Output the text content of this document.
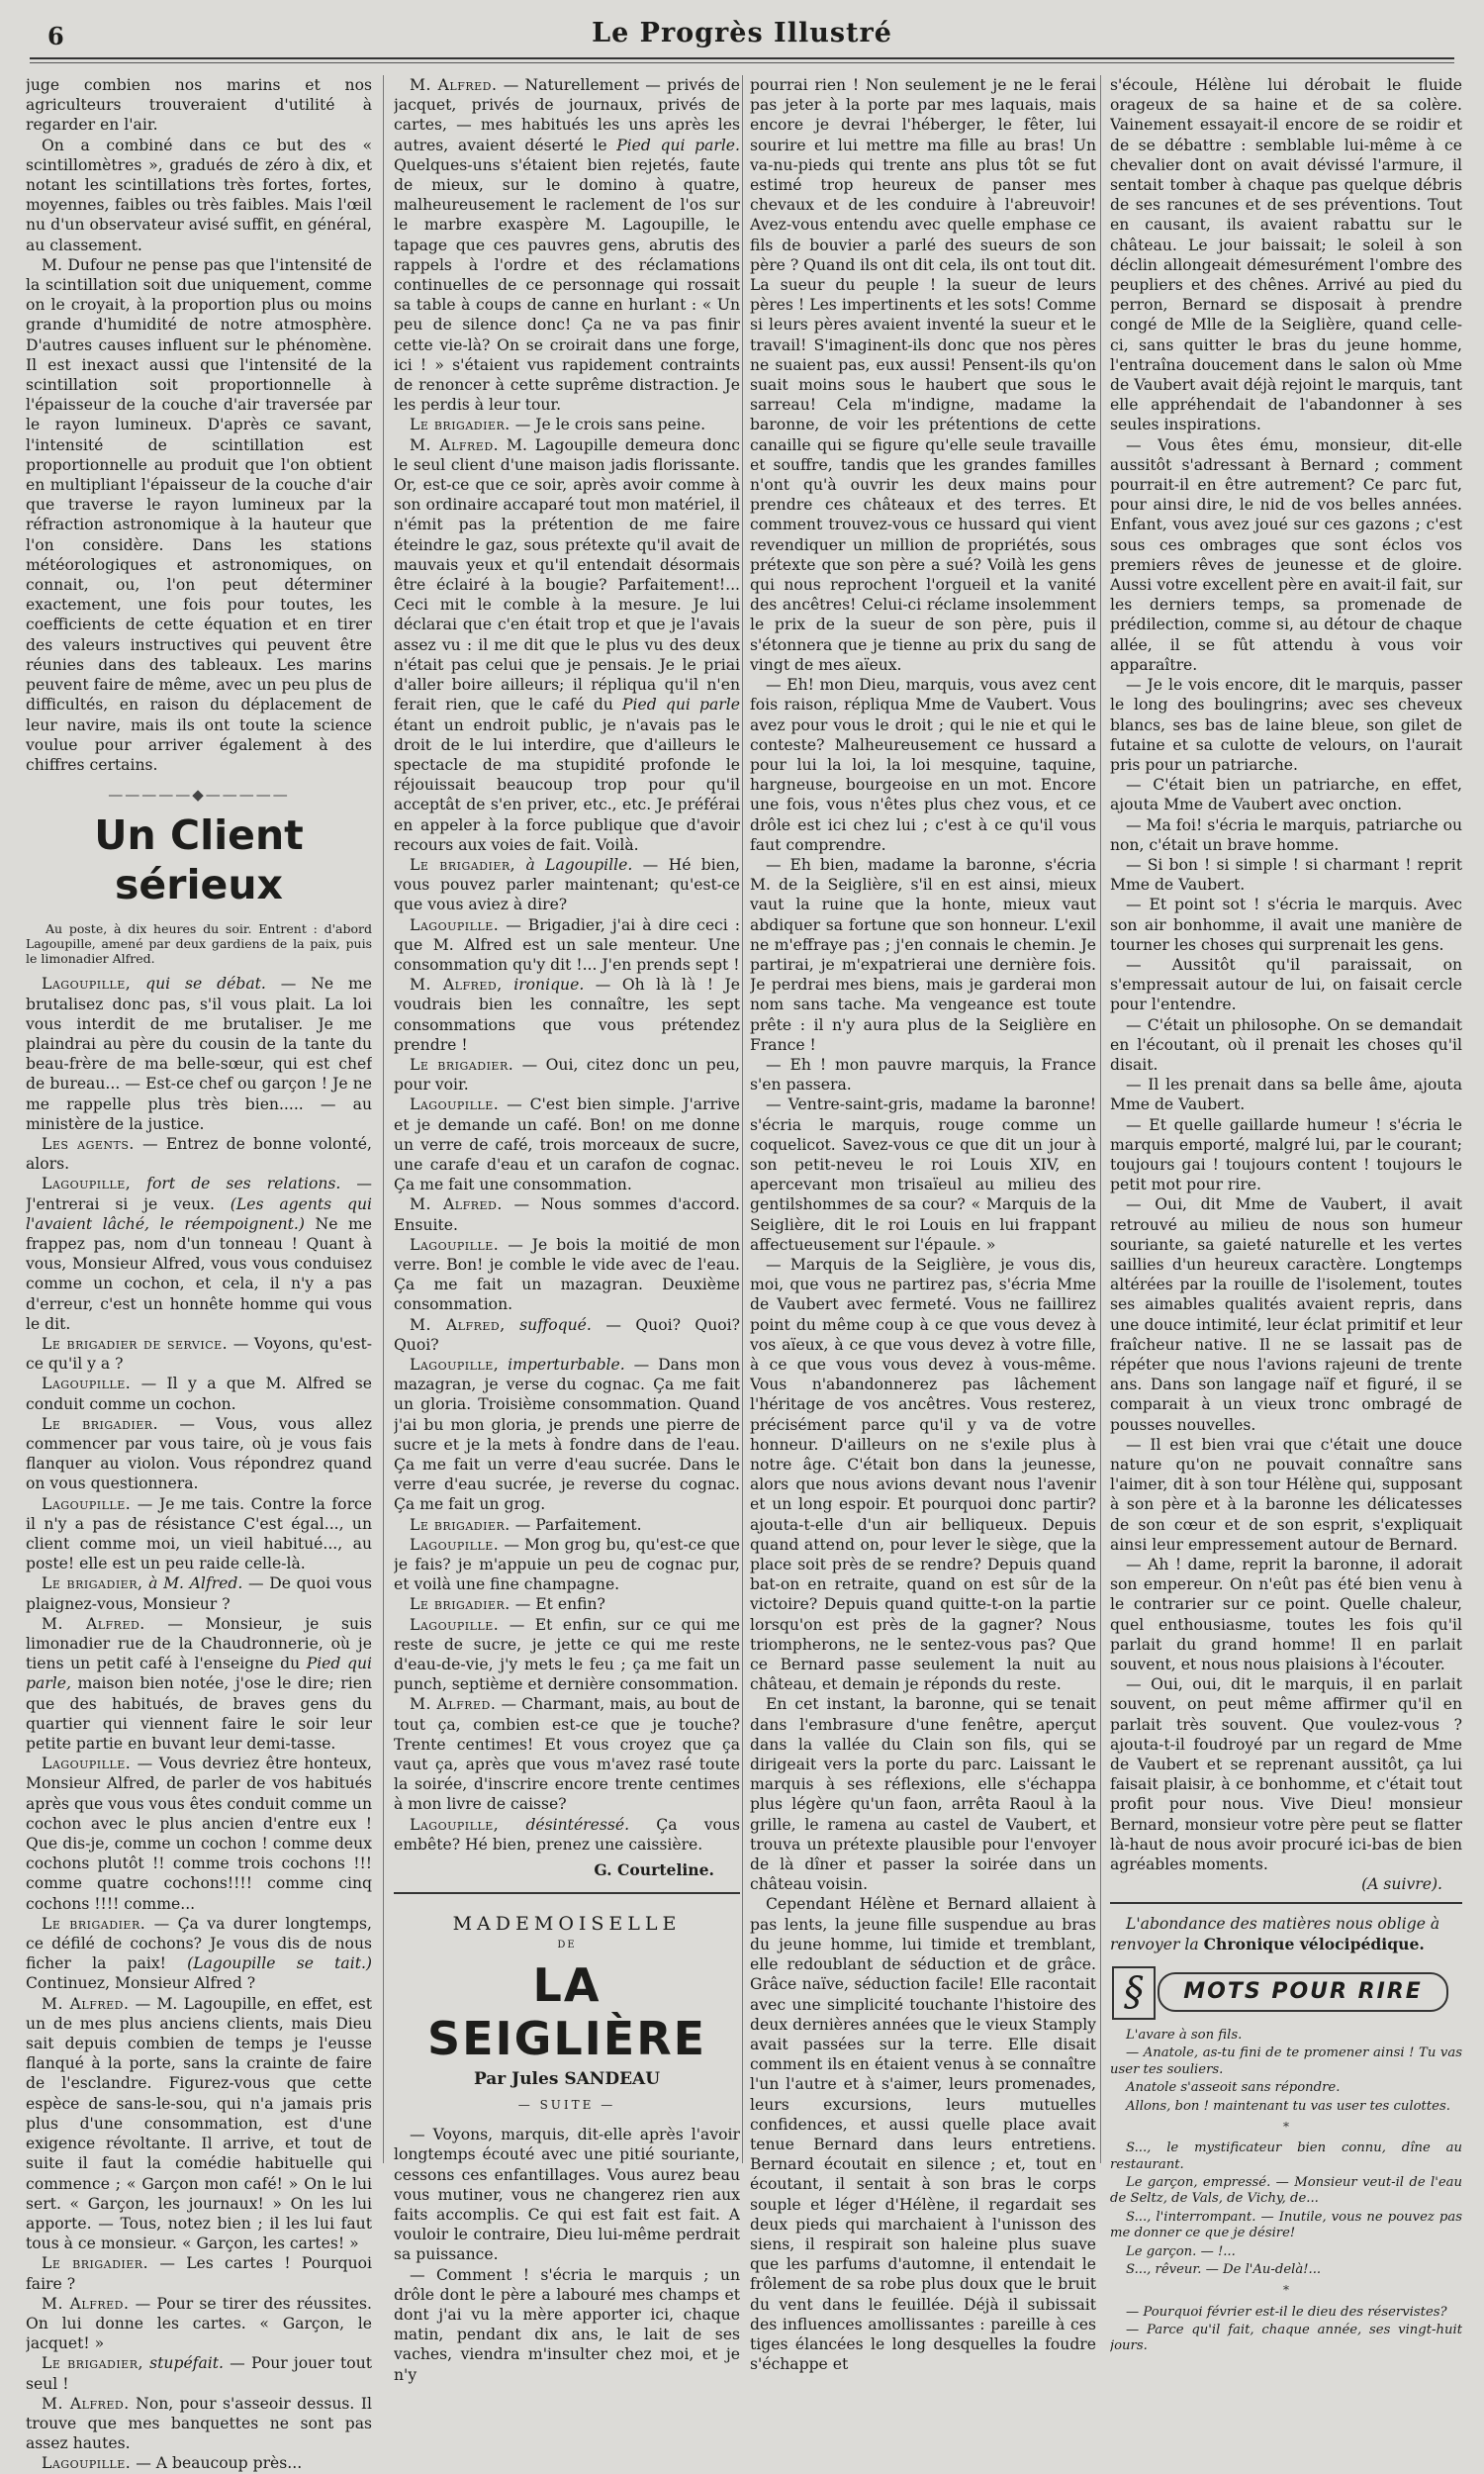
6	Le Progrès Illustré

juge combien nos marins et nos agriculteurs trouveraient d'utilité à regarder en l'air.

On a combiné dans ce but des « scintillomètres », gradués de zéro à dix, et notant les scintillations très fortes, fortes, moyennes, faibles ou très faibles. Mais l'œil nu d'un observateur avisé suffit, en général, au classement.

M. Dufour ne pense pas que l'intensité de la scintillation soit due uniquement, comme on le croyait, à la proportion plus ou moins grande d'humidité de notre atmosphère. D'autres causes influent sur le phénomène. Il est inexact aussi que l'intensité de la scintillation soit proportionnelle à l'épaisseur de la couche d'air traversée par le rayon lumineux. D'après ce savant, l'intensité de scintillation est proportionnelle au produit que l'on obtient en multipliant l'épaisseur de la couche d'air que traverse le rayon lumineux par la réfraction astronomique à la hauteur que l'on considère. Dans les stations météorologiques et astronomiques, on connait, ou, l'on peut déterminer exactement, une fois pour toutes, les coefficients de cette équation et en tirer des valeurs instructives qui peuvent être réunies dans des tableaux. Les marins peuvent faire de même, avec un peu plus de difficultés, en raison du déplacement de leur navire, mais ils ont toute la science voulue pour arriver également à des chiffres certains.

—————◆—————
Un Client sérieux

Au poste, à dix heures du soir. Entrent : d'abord Lagoupille, amené par deux gardiens de la paix, puis le limonadier Alfred.

Lagoupille, qui se débat. — Ne me brutalisez donc pas, s'il vous plait. La loi vous interdit de me brutaliser. Je me plaindrai au père du cousin de la tante du beau-frère de ma belle-sœur, qui est chef de bureau... — Est-ce chef ou garçon ! Je ne me rappelle plus très bien..... — au ministère de la justice.

Les agents. — Entrez de bonne volonté, alors.

Lagoupille, fort de ses relations. — J'entrerai si je veux. (Les agents qui l'avaient lâché, le réempoignent.) Ne me frappez pas, nom d'un tonneau ! Quant à vous, Monsieur Alfred, vous vous conduisez comme un cochon, et cela, il n'y a pas d'erreur, c'est un honnête homme qui vous le dit.

Le brigadier de service. — Voyons, qu'est-ce qu'il y a ?

Lagoupille. — Il y a que M. Alfred se conduit comme un cochon.

Le brigadier. — Vous, vous allez commencer par vous taire, où je vous fais flanquer au violon. Vous répondrez quand on vous questionnera.

Lagoupille. — Je me tais. Contre la force il n'y a pas de résistance C'est égal..., un client comme moi, un vieil habitué..., au poste! elle est un peu raide celle-là.

Le brigadier, à M. Alfred. — De quoi vous plaignez-vous, Monsieur ?

M. Alfred. — Monsieur, je suis limonadier rue de la Chaudronnerie, où je tiens un petit café à l'enseigne du Pied qui parle, maison bien notée, j'ose le dire; rien que des habitués, de braves gens du quartier qui viennent faire le soir leur petite partie en buvant leur demi-tasse.

Lagoupille. — Vous devriez être honteux, Monsieur Alfred, de parler de vos habitués après que vous vous êtes conduit comme un cochon avec le plus ancien d'entre eux ! Que dis-je, comme un cochon ! comme deux cochons plutôt !! comme trois cochons !!! comme quatre cochons!!!! comme cinq cochons !!!! comme...

Le brigadier. — Ça va durer longtemps, ce défilé de cochons? Je vous dis de nous ficher la paix! (Lagoupille se tait.) Continuez, Monsieur Alfred ?

M. Alfred. — M. Lagoupille, en effet, est un de mes plus anciens clients, mais Dieu sait depuis combien de temps je l'eusse flanqué à la porte, sans la crainte de faire de l'esclandre. Figurez-vous que cette espèce de sans-le-sou, qui n'a jamais pris plus d'une consommation, est d'une exigence révoltante. Il arrive, et tout de suite il faut la comédie habituelle qui commence ; « Garçon mon café! » On le lui sert. « Garçon, les journaux! » On les lui apporte. — Tous, notez bien ; il les lui faut tous à ce monsieur. « Garçon, les cartes! »

Le brigadier. — Les cartes ! Pourquoi faire ?

M. Alfred. — Pour se tirer des réussites. On lui donne les cartes. « Garçon, le jacquet! »

Le brigadier, stupéfait. — Pour jouer tout seul !

M. Alfred. Non, pour s'asseoir dessus. Il trouve que mes banquettes ne sont pas assez hautes.

Lagoupille. — A beaucoup près...

M. Alfred. — Naturellement — privés de jacquet, privés de journaux, privés de cartes, — mes habitués les uns après les autres, avaient déserté le Pied qui parle. Quelques-uns s'étaient bien rejetés, faute de mieux, sur le domino à quatre, malheureusement le raclement de l'os sur le marbre exaspère M. Lagoupille, le tapage que ces pauvres gens, abrutis des rappels à l'ordre et des réclamations continuelles de ce personnage qui rossait sa table à coups de canne en hurlant : « Un peu de silence donc! Ça ne va pas finir cette vie-là? On se croirait dans une forge, ici ! » s'étaient vus rapidement contraints de renoncer à cette suprême distraction. Je les perdis à leur tour.

Le brigadier. — Je le crois sans peine.

M. Alfred. M. Lagoupille demeura donc le seul client d'une maison jadis florissante. Or, est-ce que ce soir, après avoir comme à son ordinaire accaparé tout mon matériel, il n'émit pas la prétention de me faire éteindre le gaz, sous prétexte qu'il avait de mauvais yeux et qu'il entendait désormais être éclairé à la bougie? Parfaitement!... Ceci mit le comble à la mesure. Je lui déclarai que c'en était trop et que je l'avais assez vu : il me dit que le plus vu des deux n'était pas celui que je pensais. Je le priai d'aller boire ailleurs; il répliqua qu'il n'en ferait rien, que le café du Pied qui parle étant un endroit public, je n'avais pas le droit de le lui interdire, que d'ailleurs le spectacle de ma stupidité profonde le réjouissait beaucoup trop pour qu'il acceptât de s'en priver, etc., etc. Je préférai en appeler à la force publique que d'avoir recours aux voies de fait. Voilà.

Le brigadier, à Lagoupille. — Hé bien, vous pouvez parler maintenant; qu'est-ce que vous aviez à dire?

Lagoupille. — Brigadier, j'ai à dire ceci : que M. Alfred est un sale menteur. Une consommation qu'y dit !... J'en prends sept !

M. Alfred, ironique. — Oh là là ! Je voudrais bien les connaître, les sept consommations que vous prétendez prendre !

Le brigadier. — Oui, citez donc un peu, pour voir.

Lagoupille. — C'est bien simple. J'arrive et je demande un café. Bon! on me donne un verre de café, trois morceaux de sucre, une carafe d'eau et un carafon de cognac. Ça me fait une consommation.

M. Alfred. — Nous sommes d'accord. Ensuite.

Lagoupille. — Je bois la moitié de mon verre. Bon! je comble le vide avec de l'eau. Ça me fait un mazagran. Deuxième consommation.

M. Alfred, suffoqué. — Quoi? Quoi? Quoi?

Lagoupille, imperturbable. — Dans mon mazagran, je verse du cognac. Ça me fait un gloria. Troisième consommation. Quand j'ai bu mon gloria, je prends une pierre de sucre et je la mets à fondre dans de l'eau. Ça me fait un verre d'eau sucrée. Dans le verre d'eau sucrée, je reverse du cognac. Ça me fait un grog.

Le brigadier. — Parfaitement.

Lagoupille. — Mon grog bu, qu'est-ce que je fais? je m'appuie un peu de cognac pur, et voilà une fine champagne.

Le brigadier. — Et enfin?

Lagoupille. — Et enfin, sur ce qui me reste de sucre, je jette ce qui me reste d'eau-de-vie, j'y mets le feu ; ça me fait un punch, septième et dernière consommation.

M. Alfred. — Charmant, mais, au bout de tout ça, combien est-ce que je touche? Trente centimes! Et vous croyez que ça vaut ça, après que vous m'avez rasé toute la soirée, d'inscrire encore trente centimes à mon livre de caisse?

Lagoupille, désintéressé. Ça vous embête? Hé bien, prenez une caissière.

G. Courteline.
MADEMOISELLE
DE
LA SEIGLIÈRE
Par Jules SANDEAU
— SUITE —

— Voyons, marquis, dit-elle après l'avoir longtemps écouté avec une pitié souriante, cessons ces enfantillages. Vous aurez beau vous mutiner, vous ne changerez rien aux faits accomplis. Ce qui est fait est fait. A vouloir le contraire, Dieu lui-même perdrait sa puissance.

— Comment ! s'écria le marquis ; un drôle dont le père a labouré mes champs et dont j'ai vu la mère apporter ici, chaque matin, pendant dix ans, le lait de ses vaches, viendra m'insulter chez moi, et je n'y

pourrai rien ! Non seulement je ne le ferai pas jeter à la porte par mes laquais, mais encore je devrai l'héberger, le fêter, lui sourire et lui mettre ma fille au bras! Un va-nu-pieds qui trente ans plus tôt se fut estimé trop heureux de panser mes chevaux et de les conduire à l'abreuvoir! Avez-vous entendu avec quelle emphase ce fils de bouvier a parlé des sueurs de son père ? Quand ils ont dit cela, ils ont tout dit. La sueur du peuple ! la sueur de leurs pères ! Les impertinents et les sots! Comme si leurs pères avaient inventé la sueur et le travail! S'imaginent-ils donc que nos pères ne suaient pas, eux aussi! Pensent-ils qu'on suait moins sous le haubert que sous le sarreau! Cela m'indigne, madame la baronne, de voir les prétentions de cette canaille qui se figure qu'elle seule travaille et souffre, tandis que les grandes familles n'ont qu'à ouvrir les deux mains pour prendre ces châteaux et des terres. Et comment trouvez-vous ce hussard qui vient revendiquer un million de propriétés, sous prétexte que son père a sué? Voilà les gens qui nous reprochent l'orgueil et la vanité des ancêtres! Celui-ci réclame insolemment le prix de la sueur de son père, puis il s'étonnera que je tienne au prix du sang de vingt de mes aïeux.

— Eh! mon Dieu, marquis, vous avez cent fois raison, répliqua Mme de Vaubert. Vous avez pour vous le droit ; qui le nie et qui le conteste? Malheureusement ce hussard a pour lui la loi, la loi mesquine, taquine, hargneuse, bourgeoise en un mot. Encore une fois, vous n'êtes plus chez vous, et ce drôle est ici chez lui ; c'est à ce qu'il vous faut comprendre.

— Eh bien, madame la baronne, s'écria M. de la Seiglière, s'il en est ainsi, mieux vaut la ruine que la honte, mieux vaut abdiquer sa fortune que son honneur. L'exil ne m'effraye pas ; j'en connais le chemin. Je partirai, je m'expatrierai une dernière fois. Je perdrai mes biens, mais je garderai mon nom sans tache. Ma vengeance est toute prête : il n'y aura plus de la Seiglière en France !

— Eh ! mon pauvre marquis, la France s'en passera.

— Ventre-saint-gris, madame la baronne! s'écria le marquis, rouge comme un coquelicot. Savez-vous ce que dit un jour à son petit-neveu le roi Louis XIV, en apercevant mon trisaïeul au milieu des gentilshommes de sa cour? « Marquis de la Seiglière, dit le roi Louis en lui frappant affectueusement sur l'épaule. »

— Marquis de la Seiglière, je vous dis, moi, que vous ne partirez pas, s'écria Mme de Vaubert avec fermeté. Vous ne faillirez point du même coup à ce que vous devez à vos aïeux, à ce que vous devez à votre fille, à ce que vous vous devez à vous-même. Vous n'abandonnerez pas lâchement l'héritage de vos ancêtres. Vous resterez, précisément parce qu'il y va de votre honneur. D'ailleurs on ne s'exile plus à notre âge. C'était bon dans la jeunesse, alors que nous avions devant nous l'avenir et un long espoir. Et pourquoi donc partir? ajouta-t-elle d'un air belliqueux. Depuis quand attend on, pour lever le siège, que la place soit près de se rendre? Depuis quand bat-on en retraite, quand on est sûr de la victoire? Depuis quand quitte-t-on la partie lorsqu'on est près de la gagner? Nous triompherons, ne le sentez-vous pas? Que ce Bernard passe seulement la nuit au château, et demain je réponds du reste.

En cet instant, la baronne, qui se tenait dans l'embrasure d'une fenêtre, aperçut dans la vallée du Clain son fils, qui se dirigeait vers la porte du parc. Laissant le marquis à ses réflexions, elle s'échappa plus légère qu'un faon, arrêta Raoul à la grille, le ramena au castel de Vaubert, et trouva un prétexte plausible pour l'envoyer de là dîner et passer la soirée dans un château voisin.

Cependant Hélène et Bernard allaient à pas lents, la jeune fille suspendue au bras du jeune homme, lui timide et tremblant, elle redoublant de séduction et de grâce. Grâce naïve, séduction facile! Elle racontait avec une simplicité touchante l'histoire des deux dernières années que le vieux Stamply avait passées sur la terre. Elle disait comment ils en étaient venus à se connaître l'un l'autre et à s'aimer, leurs promenades, leurs excursions, leurs mutuelles confidences, et aussi quelle place avait tenue Bernard dans leurs entretiens. Bernard écoutait en silence ; et, tout en écoutant, il sentait à son bras le corps souple et léger d'Hélène, il regardait ses deux pieds qui marchaient à l'unisson des siens, il respirait son haleine plus suave que les parfums d'automne, il entendait le frôlement de sa robe plus doux que le bruit du vent dans le feuillée. Déjà il subissait des influences amollissantes : pareille à ces tiges élancées le long desquelles la foudre s'échappe et

s'écoule, Hélène lui dérobait le fluide orageux de sa haine et de sa colère. Vainement essayait-il encore de se roidir et de se débattre : semblable lui-même à ce chevalier dont on avait dévissé l'armure, il sentait tomber à chaque pas quelque débris de ses rancunes et de ses préventions. Tout en causant, ils avaient rabattu sur le château. Le jour baissait; le soleil à son déclin allongeait démesurément l'ombre des peupliers et des chênes. Arrivé au pied du perron, Bernard se disposait à prendre congé de Mlle de la Seiglière, quand celle-ci, sans quitter le bras du jeune homme, l'entraîna doucement dans le salon où Mme de Vaubert avait déjà rejoint le marquis, tant elle appréhendait de l'abandonner à ses seules inspirations.

— Vous êtes ému, monsieur, dit-elle aussitôt s'adressant à Bernard ; comment pourrait-il en être autrement? Ce parc fut, pour ainsi dire, le nid de vos belles années. Enfant, vous avez joué sur ces gazons ; c'est sous ces ombrages que sont éclos vos premiers rêves de jeunesse et de gloire. Aussi votre excellent père en avait-il fait, sur les derniers temps, sa promenade de prédilection, comme si, au détour de chaque allée, il se fût attendu à vous voir apparaître.

— Je le vois encore, dit le marquis, passer le long des boulingrins; avec ses cheveux blancs, ses bas de laine bleue, son gilet de futaine et sa culotte de velours, on l'aurait pris pour un patriarche.

— C'était bien un patriarche, en effet, ajouta Mme de Vaubert avec onction.

— Ma foi! s'écria le marquis, patriarche ou non, c'était un brave homme.

— Si bon ! si simple ! si charmant ! reprit Mme de Vaubert.

— Et point sot ! s'écria le marquis. Avec son air bonhomme, il avait une manière de tourner les choses qui surprenait les gens.

— Aussitôt qu'il paraissait, on s'empressait autour de lui, on faisait cercle pour l'entendre.

— C'était un philosophe. On se demandait en l'écoutant, où il prenait les choses qu'il disait.

— Il les prenait dans sa belle âme, ajouta Mme de Vaubert.

— Et quelle gaillarde humeur ! s'écria le marquis emporté, malgré lui, par le courant; toujours gai ! toujours content ! toujours le petit mot pour rire.

— Oui, dit Mme de Vaubert, il avait retrouvé au milieu de nous son humeur souriante, sa gaieté naturelle et les vertes saillies d'un heureux caractère. Longtemps altérées par la rouille de l'isolement, toutes ses aimables qualités avaient repris, dans une douce intimité, leur éclat primitif et leur fraîcheur native. Il ne se lassait pas de répéter que nous l'avions rajeuni de trente ans. Dans son langage naïf et figuré, il se comparait à un vieux tronc ombragé de pousses nouvelles.

— Il est bien vrai que c'était une douce nature qu'on ne pouvait connaître sans l'aimer, dit à son tour Hélène qui, supposant à son père et à la baronne les délicatesses de son cœur et de son esprit, s'expliquait ainsi leur empressement autour de Bernard.

— Ah ! dame, reprit la baronne, il adorait son empereur. On n'eût pas été bien venu à le contrarier sur ce point. Quelle chaleur, quel enthousiasme, toutes les fois qu'il parlait du grand homme! Il en parlait souvent, et nous nous plaisions à l'écouter.

— Oui, oui, dit le marquis, il en parlait souvent, on peut même affirmer qu'il en parlait très souvent. Que voulez-vous ? ajouta-t-il foudroyé par un regard de Mme de Vaubert et se reprenant aussitôt, ça lui faisait plaisir, à ce bonhomme, et c'était tout profit pour nous. Vive Dieu! monsieur Bernard, monsieur votre père peut se flatter là-haut de nous avoir procuré ici-bas de bien agréables moments.

(A suivre).

L'abondance des matières nous oblige à renvoyer la Chronique vélocipédique.

§	MOTS POUR RIRE

L'avare à son fils.

— Anatole, as-tu fini de te promener ainsi ! Tu vas user tes souliers.

Anatole s'asseoit sans répondre.

Allons, bon ! maintenant tu vas user tes culottes.

*

S..., le mystificateur bien connu, dîne au restaurant.

Le garçon, empressé. — Monsieur veut-il de l'eau de Seltz, de Vals, de Vichy, de...

S..., l'interrompant. — Inutile, vous ne pouvez pas me donner ce que je désire!

Le garçon. — !...

S..., rêveur. — De l'Au-delà!...

*

— Pourquoi février est-il le dieu des réservistes?

— Parce qu'il fait, chaque année, ses vingt-huit jours.
